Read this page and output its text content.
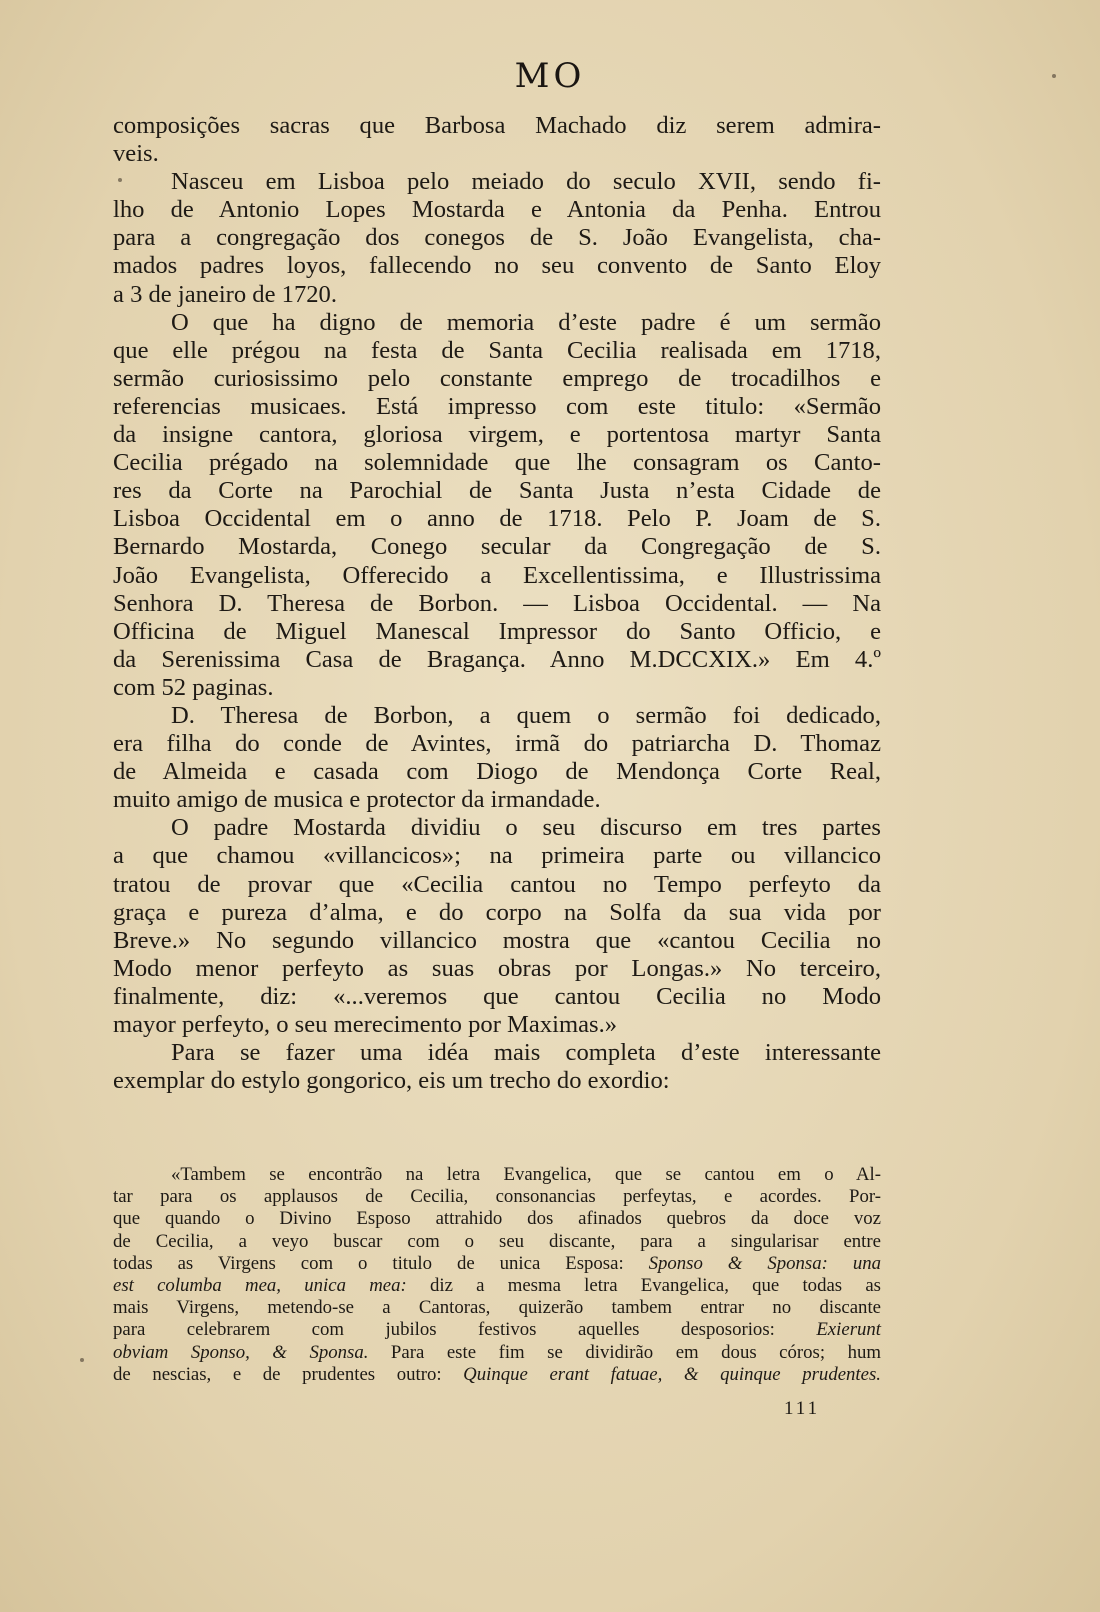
MO
composições sacras que Barbosa Machado diz serem admira-
veis.
Nasceu em Lisboa pelo meiado do seculo XVII, sendo fi-
lho de Antonio Lopes Mostarda e Antonia da Penha. Entrou
para a congregação dos conegos de S. João Evangelista, cha-
mados padres loyos, fallecendo no seu convento de Santo Eloy
a 3 de janeiro de 1720.
O que ha digno de memoria d’este padre é um sermão
que elle prégou na festa de Santa Cecilia realisada em 1718,
sermão curiosissimo pelo constante emprego de trocadilhos e
referencias musicaes. Está impresso com este titulo: «Sermão
da insigne cantora, gloriosa virgem, e portentosa martyr Santa
Cecilia prégado na solemnidade que lhe consagram os Canto-
res da Corte na Parochial de Santa Justa n’esta Cidade de
Lisboa Occidental em o anno de 1718. Pelo P. Joam de S.
Bernardo Mostarda, Conego secular da Congregação de S.
João Evangelista, Offerecido a Excellentissima, e Illustrissima
Senhora D. Theresa de Borbon. — Lisboa Occidental. — Na
Officina de Miguel Manescal Impressor do Santo Officio, e
da Serenissima Casa de Bragança. Anno M.DCCXIX.» Em 4.º
com 52 paginas.
D. Theresa de Borbon, a quem o sermão foi dedicado,
era filha do conde de Avintes, irmã do patriarcha D. Thomaz
de Almeida e casada com Diogo de Mendonça Corte Real,
muito amigo de musica e protector da irmandade.
O padre Mostarda dividiu o seu discurso em tres partes
a que chamou «villancicos»; na primeira parte ou villancico
tratou de provar que «Cecilia cantou no Tempo perfeyto da
graça e pureza d’alma, e do corpo na Solfa da sua vida por
Breve.» No segundo villancico mostra que «cantou Cecilia no
Modo menor perfeyto as suas obras por Longas.» No terceiro,
finalmente, diz: «...veremos que cantou Cecilia no Modo
mayor perfeyto, o seu merecimento por Maximas.»
Para se fazer uma idéa mais completa d’este interessante
exemplar do estylo gongorico, eis um trecho do exordio:
«Tambem se encontrão na letra Evangelica, que se cantou em o Al-
tar para os applausos de Cecilia, consonancias perfeytas, e acordes. Por-
que quando o Divino Esposo attrahido dos afinados quebros da doce voz
de Cecilia, a veyo buscar com o seu discante, para a singularisar entre
todas as Virgens com o titulo de unica Esposa: Sponso & Sponsa: una
est columba mea, unica mea: diz a mesma letra Evangelica, que todas as
mais Virgens, metendo-se a Cantoras, quizerão tambem entrar no discante
para celebrarem com jubilos festivos aquelles desposorios: Exierunt
obviam Sponso, & Sponsa. Para este fim se dividirão em dous córos; hum
de nescias, e de prudentes outro: Quinque erant fatuae, & quinque prudentes.
111
